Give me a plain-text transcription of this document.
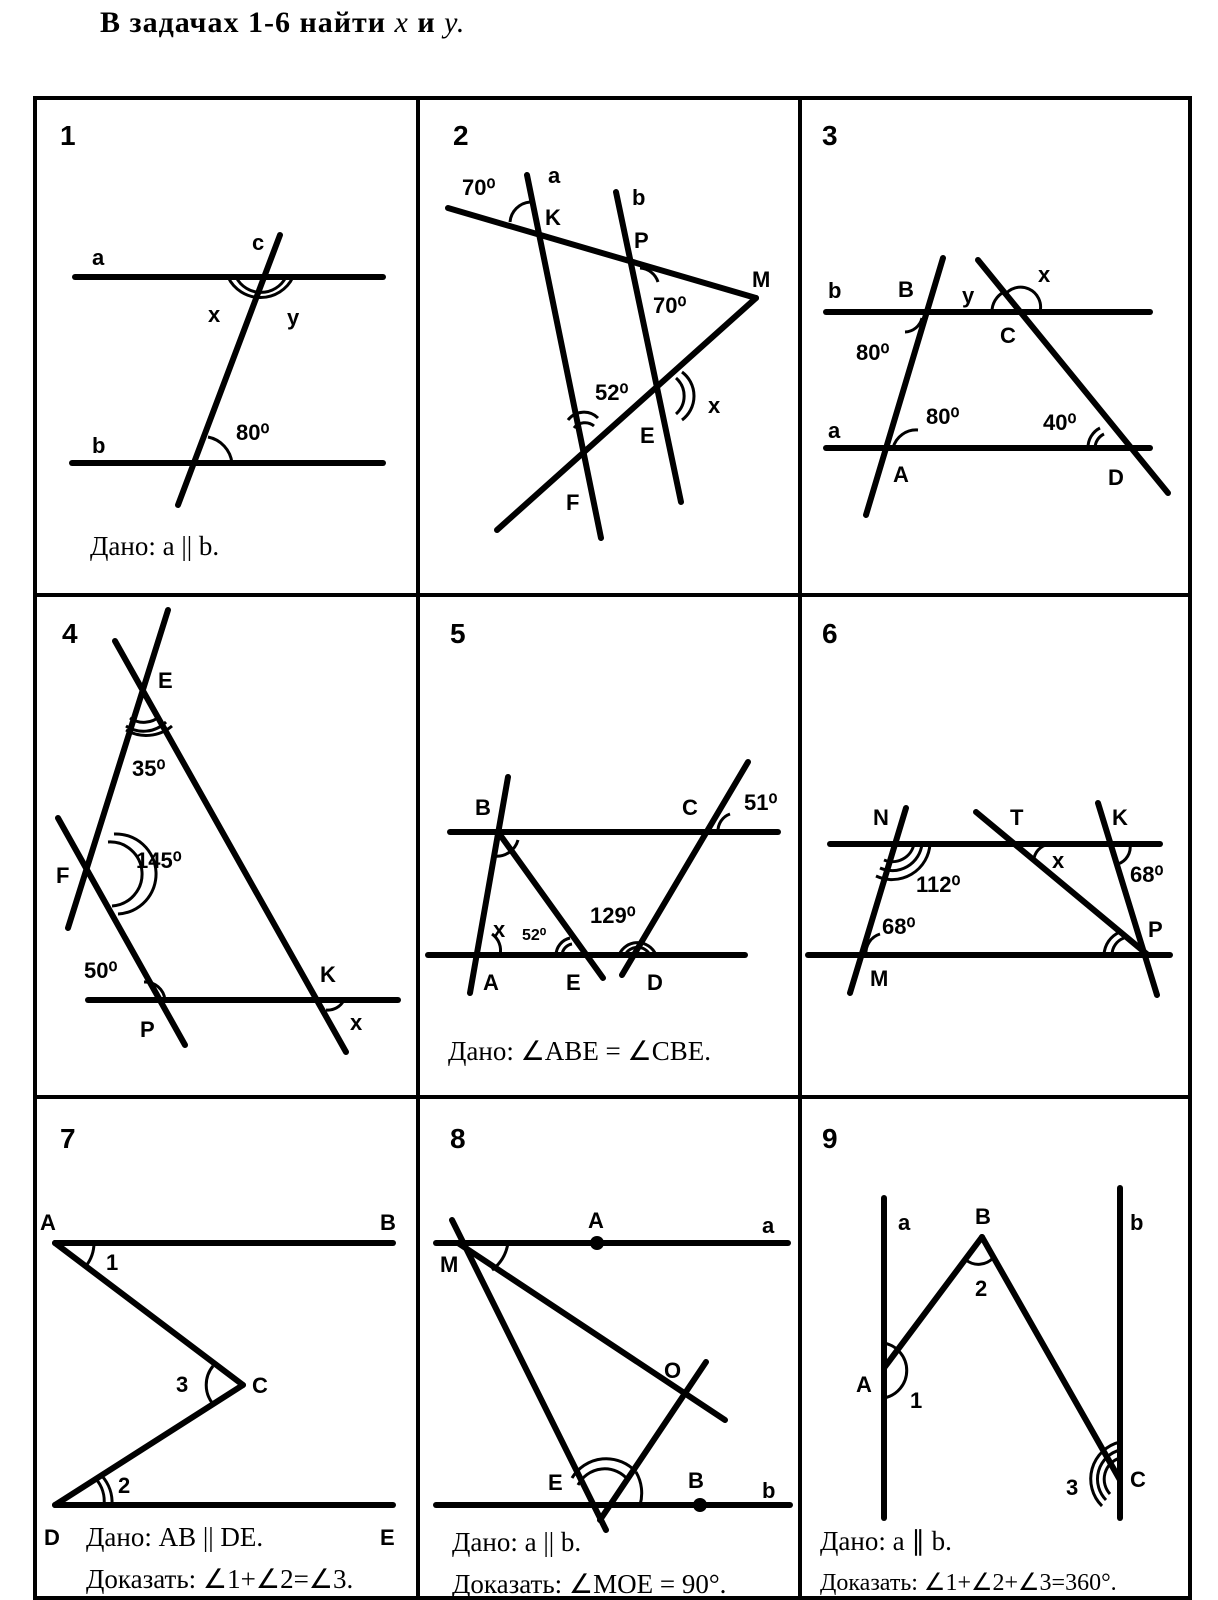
В задачах 1-6 найти x и y.
1
a
b
c
x	y
80⁰
Дано: a || b.
2
70⁰ a
K
b
P
70⁰
M
52⁰
x
E
F
3
b	B y
x
C
80⁰
80⁰	40⁰
a
A	D
4
E
35⁰
145⁰
F
50⁰	K
x
P
5
B	C 51⁰
129⁰
x 52⁰
A	E	D
Дано: ∠ABE = ∠CBE.
6
N	T	K
x
68⁰
112⁰
68⁰	P
M
7
A	B
1
3	C
2
D	E
Дано: AB || DE.
Доказать: ∠1+∠2=∠3.
8
A	a
M
O
E	B	b
Дано: a || b.
Доказать: ∠MOE = 90°.
9
a	b
B
2
A
1
3 C
Дано: a ∥ b.
Доказать: ∠1+∠2+∠3=360°.
